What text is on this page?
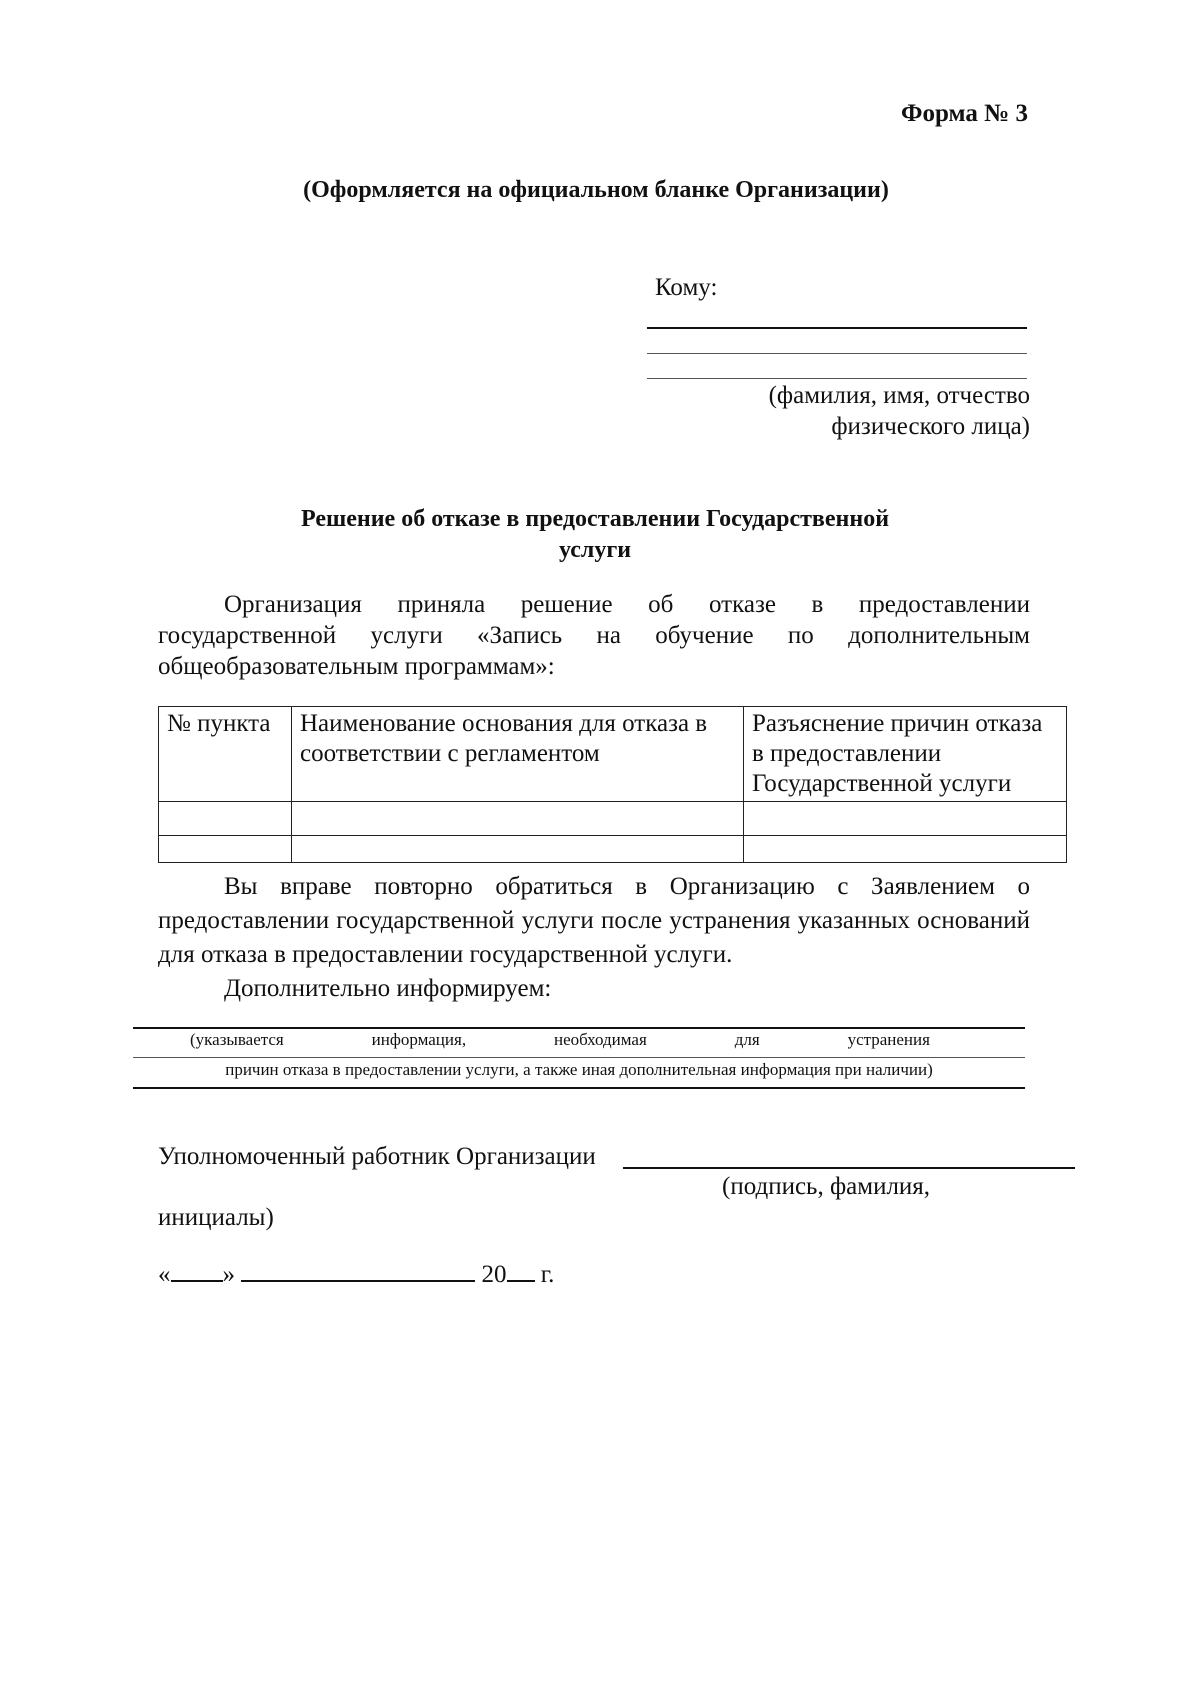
Форма № 3
(Оформляется на официальном бланке Организации)
Кому:
(фамилия, имя, отчество
физического лица)
Решение об отказе в предоставлении Государственной
услуги
Организация приняла решение об отказе в предоставлении государственной услуги «Запись на обучение по дополнительным общеобразовательным программам»:
№ пункта	Наименование основания для отказа в соответствии с регламентом	Разъяснение причин отказа в предоставлении Государственной услуги

Вы вправе повторно обратиться в Организацию с Заявлением о предоставлении государственной услуги после устранения указанных оснований для отказа в предоставлении государственной услуги.
Дополнительно информируем:
(указывается	информация,	необходимая	для	устранения
причин отказа в предоставлении услуги, а также иная дополнительная информация при наличии)
Уполномоченный работник Организации
(подпись, фамилия,
инициалы)
« »	20 г.
